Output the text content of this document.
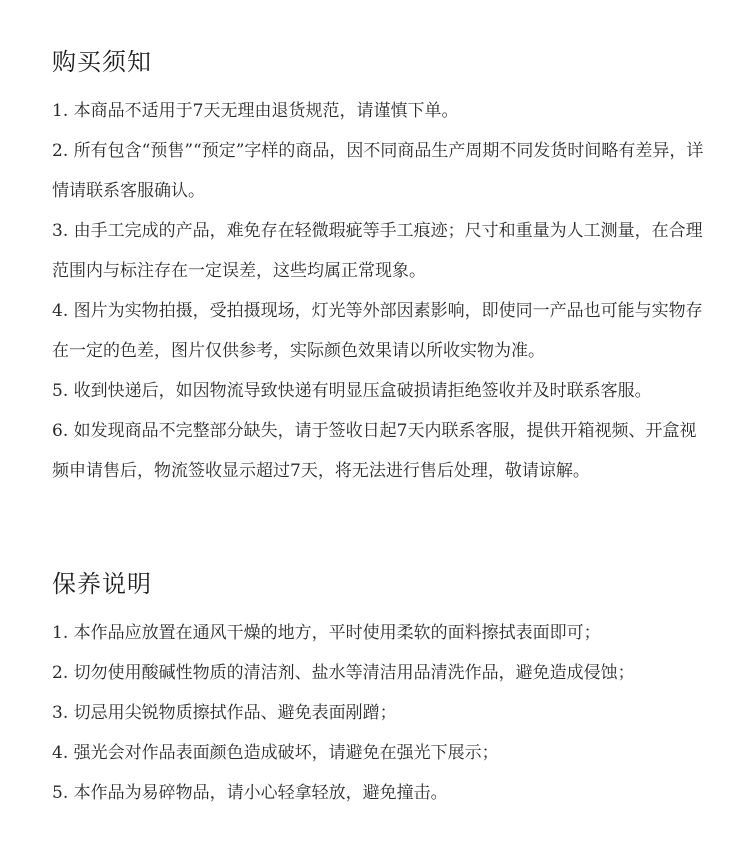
购买须知
1. 本商品不适用于7天无理由退货规范，请谨慎下单。
2. 所有包含“预售”“预定”字样的商品，因不同商品生产周期不同发货时间略有差异，详情请联系客服确认。
3. 由手工完成的产品，难免存在轻微瑕疵等手工痕迹；尺寸和重量为人工测量，在合理范围内与标注存在一定误差，这些均属正常现象。
4. 图片为实物拍摄，受拍摄现场，灯光等外部因素影响，即使同一产品也可能与实物存在一定的色差，图片仅供参考，实际颜色效果请以所收实物为准。
5. 收到快递后，如因物流导致快递有明显压盒破损请拒绝签收并及时联系客服。
6. 如发现商品不完整部分缺失，请于签收日起7天内联系客服，提供开箱视频、开盒视频申请售后，物流签收显示超过7天，将无法进行售后处理，敬请谅解。
保养说明
1. 本作品应放置在通风干燥的地方，平时使用柔软的面料擦拭表面即可；
2. 切勿使用酸碱性物质的清洁剂、盐水等清洁用品清洗作品，避免造成侵蚀；
3. 切忌用尖锐物质擦拭作品、避免表面剐蹭；
4. 强光会对作品表面颜色造成破坏，请避免在强光下展示；
5. 本作品为易碎物品，请小心轻拿轻放，避免撞击。
